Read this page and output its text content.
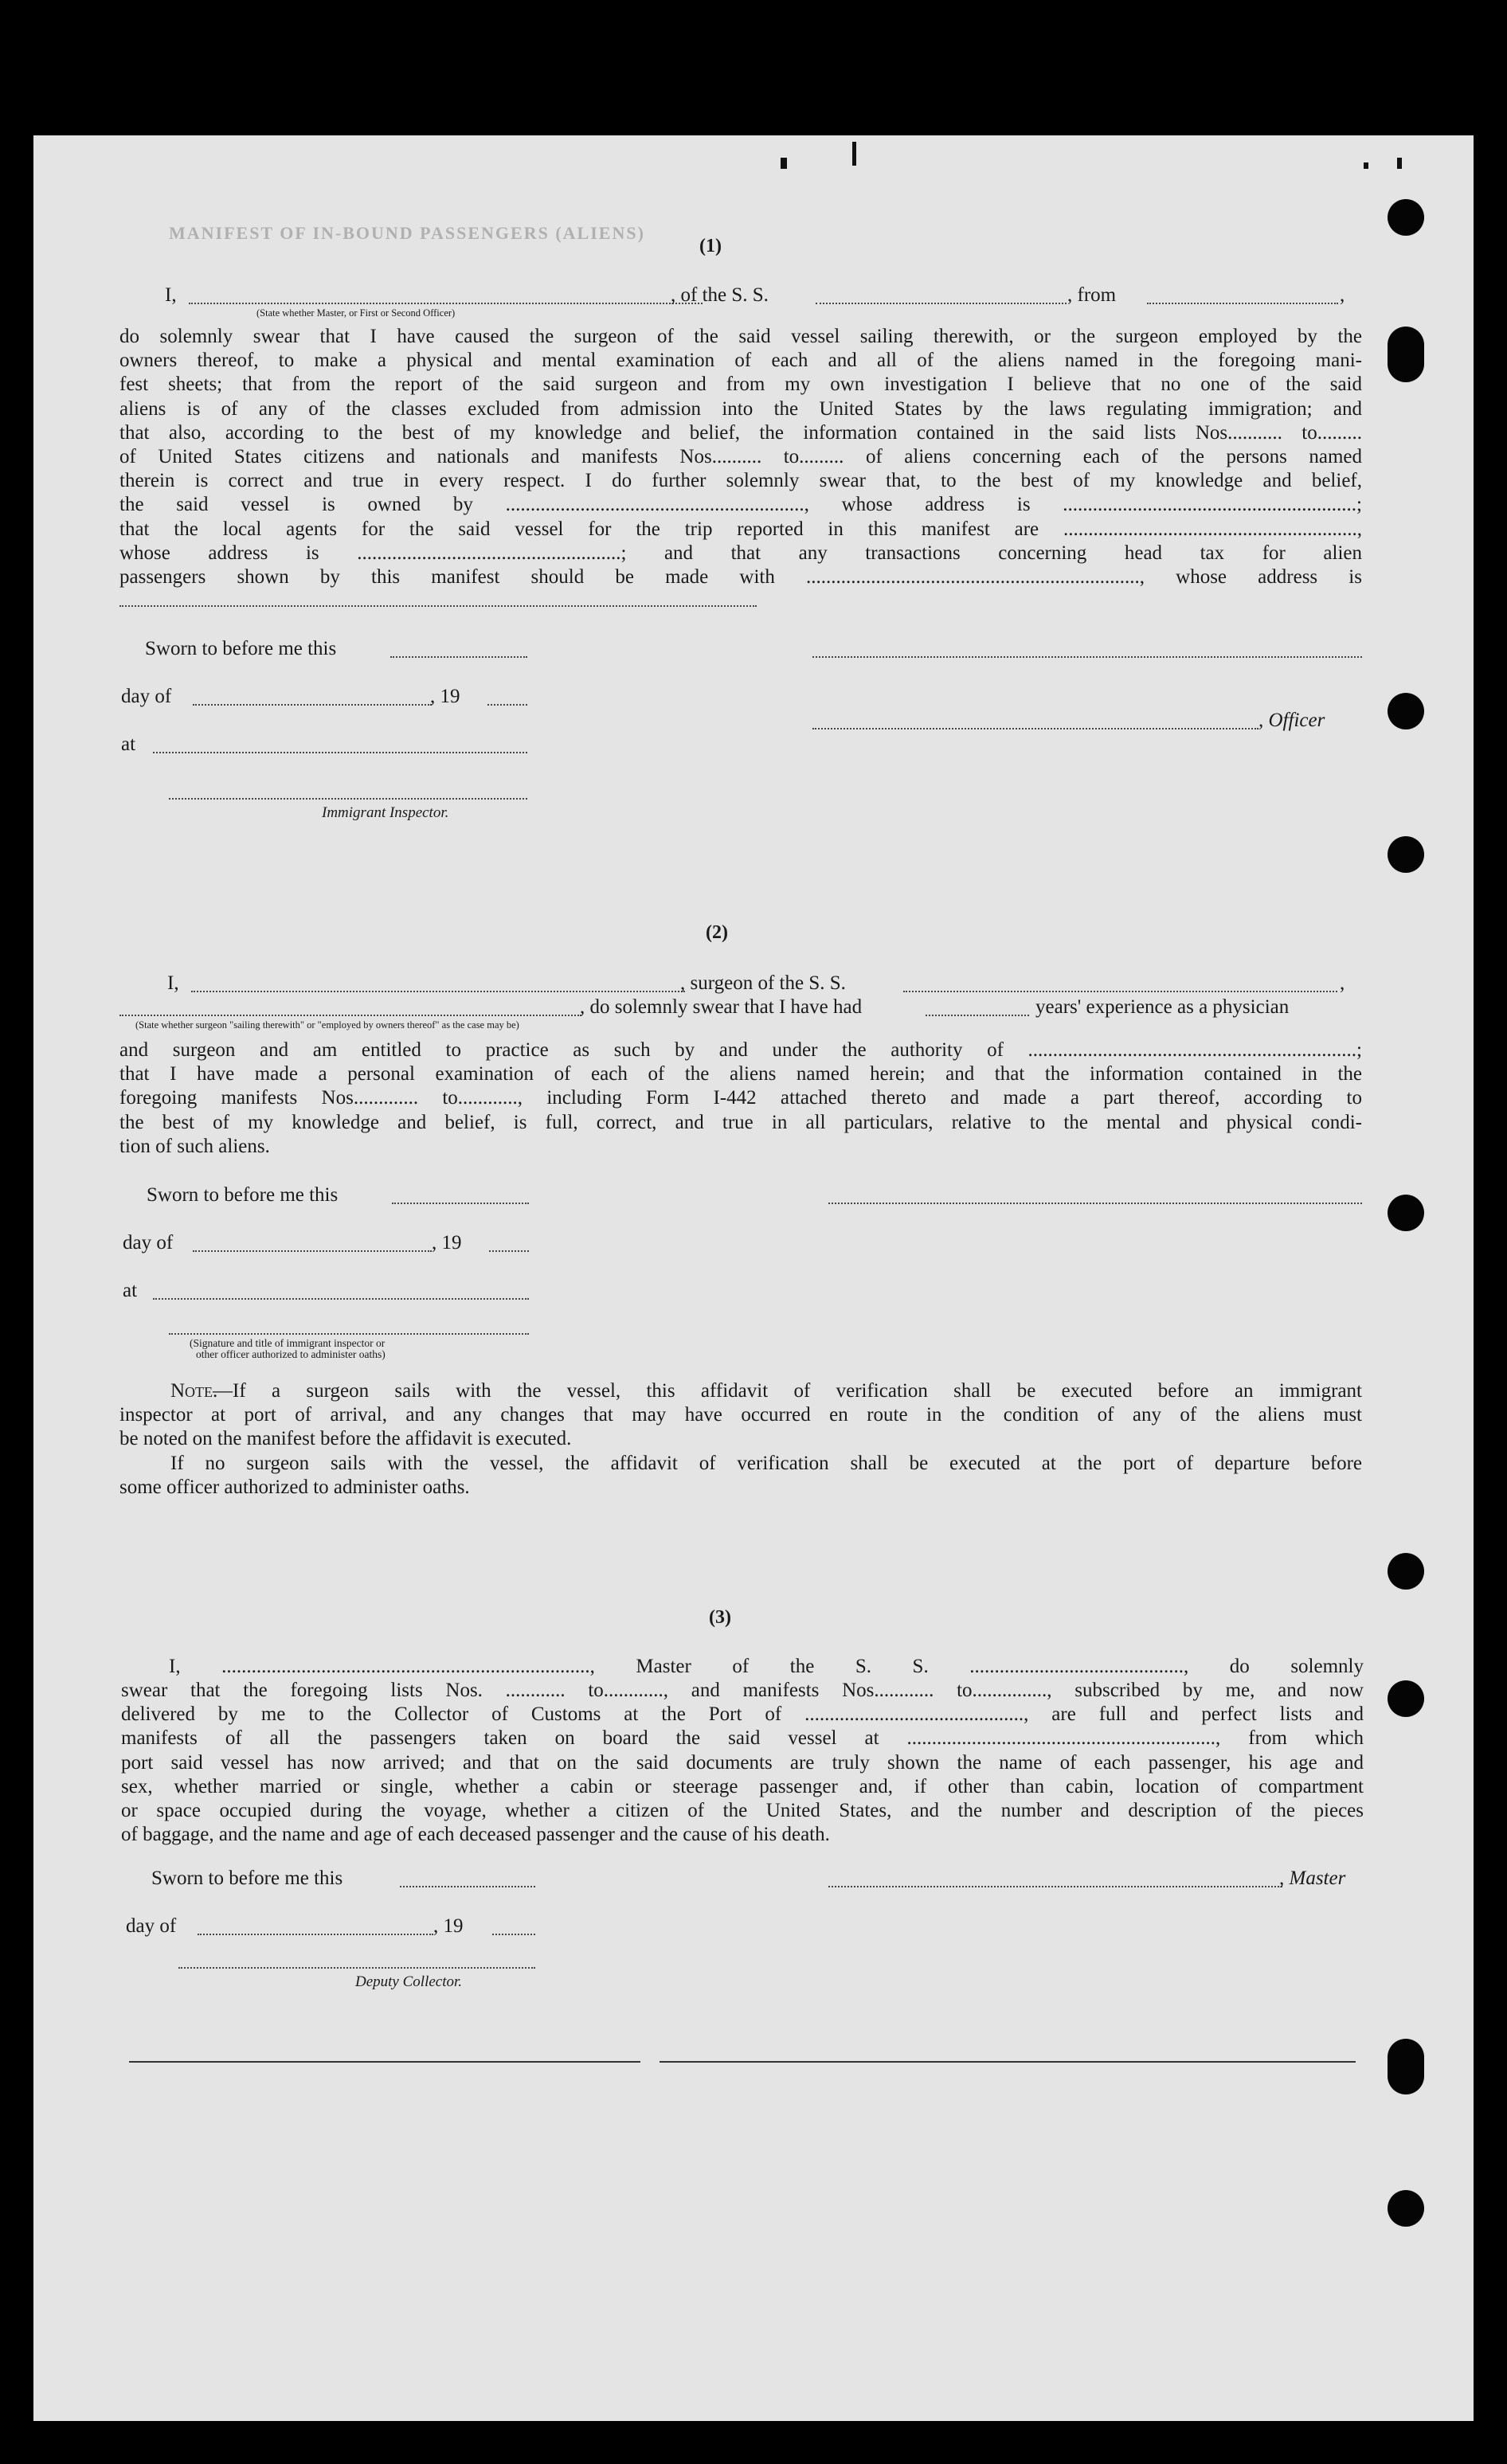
MANIFEST OF IN-BOUND PASSENGERS (ALIENS)
(1)
I,	, of the S. S.	, from	,
(State whether Master, or First or Second Officer)
do solemnly swear that I have caused the surgeon of the said vessel sailing therewith, or the surgeon employed by the
owners thereof, to make a physical and mental examination of each and all of the aliens named in the foregoing mani-
fest sheets; that from the report of the said surgeon and from my own investigation I believe that no one of the said
aliens is of any of the classes excluded from admission into the United States by the laws regulating immigration; and
that also, according to the best of my knowledge and belief, the information contained in the said lists Nos........... to.........
of United States citizens and nationals and manifests Nos.......... to......... of aliens concerning each of the persons named
therein is correct and true in every respect. I do further solemnly swear that, to the best of my knowledge and belief,
the said vessel is owned by ............................................................, whose address is ...........................................................;
that the local agents for the said vessel for the trip reported in this manifest are ...........................................................,
whose address is .....................................................; and that any transactions concerning head tax for alien
passengers shown by this manifest should be made with ..................................................................., whose address is
Sworn to before me this
day of	, 19
at
Immigrant Inspector.
, Officer
(2)
I,	, surgeon of the S. S.	,
, do solemnly swear that I have had	years' experience as a physician
(State whether surgeon "sailing therewith" or "employed by owners thereof" as the case may be)
and surgeon and am entitled to practice as such by and under the authority of ..................................................................;
that I have made a personal examination of each of the aliens named herein; and that the information contained in the
foregoing manifests Nos............. to............, including Form I-442 attached thereto and made a part thereof, according to
the best of my knowledge and belief, is full, correct, and true in all particulars, relative to the mental and physical condi-
tion of such aliens.
Sworn to before me this
day of	, 19
at
(Signature and title of immigrant inspector or
other officer authorized to administer oaths)
Note.
—If a surgeon sails with the vessel, this affidavit of verification shall be executed before an immigrant
inspector at port of arrival, and any changes that may have occurred en route in the condition of any of the aliens must
be noted on the manifest before the affidavit is executed.
If no surgeon sails with the vessel, the affidavit of verification shall be executed at the port of departure before
some officer authorized to administer oaths.
(3)
I, .........................................................................., Master of the S. S. ..........................................., do solemnly
swear that the foregoing lists Nos. ............ to............, and manifests Nos............ to..............., subscribed by me, and now
delivered by me to the Collector of Customs at the Port of ............................................, are full and perfect lists and
manifests of all the passengers taken on board the said vessel at .............................................................., from which
port said vessel has now arrived; and that on the said documents are truly shown the name of each passenger, his age and
sex, whether married or single, whether a cabin or steerage passenger and, if other than cabin, location of compartment
or space occupied during the voyage, whether a citizen of the United States, and the number and description of the pieces
of baggage, and the name and age of each deceased passenger and the cause of his death.
Sworn to before me this
day of	, 19
Deputy Collector.
, Master
